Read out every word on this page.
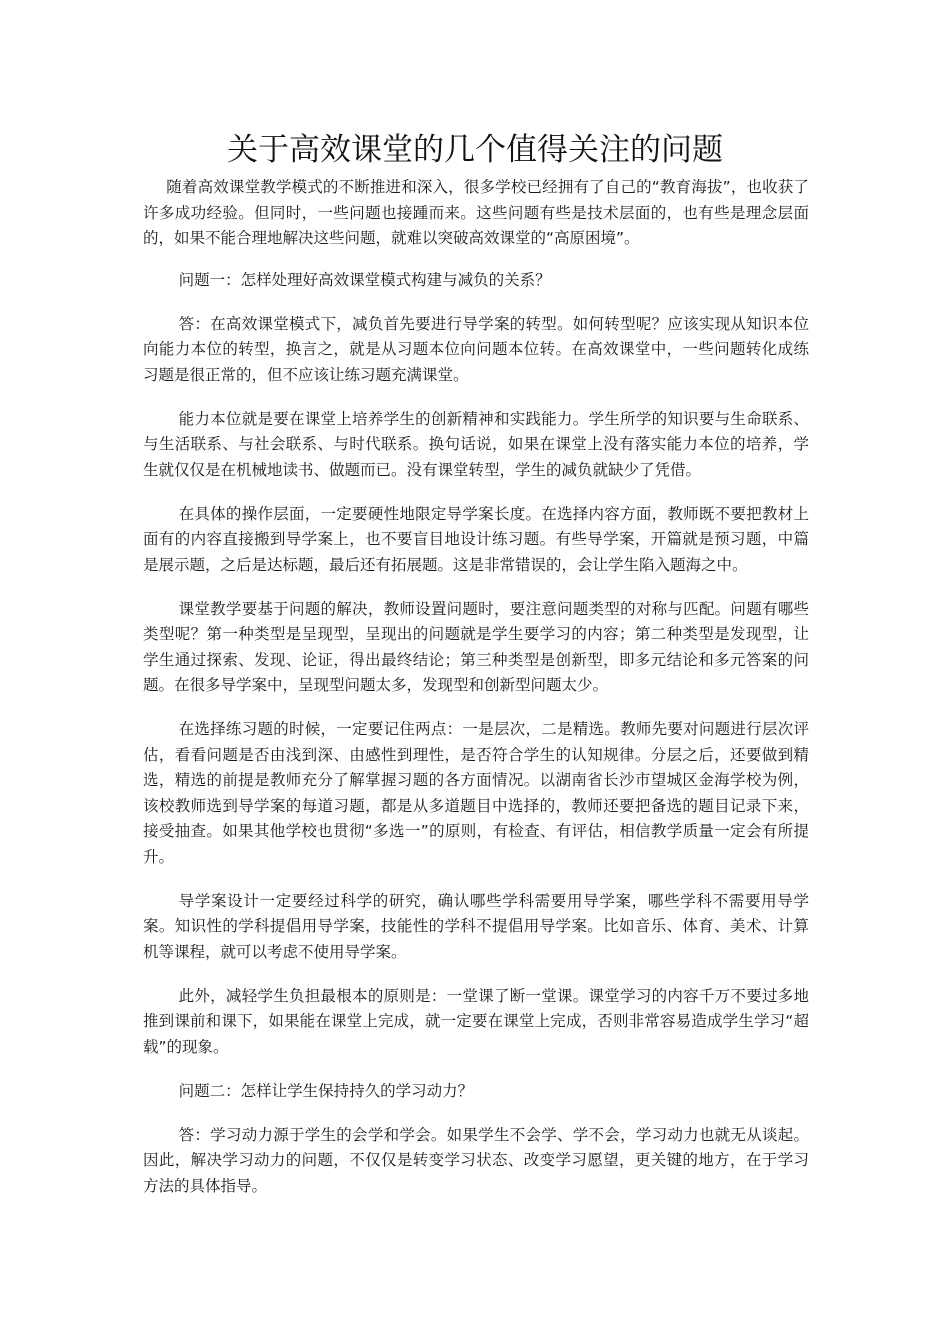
关于高效课堂的几个值得关注的问题

随着高效课堂教学模式的不断推进和深入，很多学校已经拥有了自己的“教育海拔”，也收获了许多成功经验。但同时，一些问题也接踵而来。这些问题有些是技术层面的，也有些是理念层面的，如果不能合理地解决这些问题，就难以突破高效课堂的“高原困境”。

问题一：怎样处理好高效课堂模式构建与减负的关系？

答：在高效课堂模式下，减负首先要进行导学案的转型。如何转型呢？应该实现从知识本位向能力本位的转型，换言之，就是从习题本位向问题本位转。在高效课堂中，一些问题转化成练习题是很正常的，但不应该让练习题充满课堂。

能力本位就是要在课堂上培养学生的创新精神和实践能力。学生所学的知识要与生命联系、与生活联系、与社会联系、与时代联系。换句话说，如果在课堂上没有落实能力本位的培养，学生就仅仅是在机械地读书、做题而已。没有课堂转型，学生的减负就缺少了凭借。

在具体的操作层面，一定要硬性地限定导学案长度。在选择内容方面，教师既不要把教材上面有的内容直接搬到导学案上，也不要盲目地设计练习题。有些导学案，开篇就是预习题，中篇是展示题，之后是达标题，最后还有拓展题。这是非常错误的，会让学生陷入题海之中。

课堂教学要基于问题的解决，教师设置问题时，要注意问题类型的对称与匹配。问题有哪些类型呢？第一种类型是呈现型，呈现出的问题就是学生要学习的内容；第二种类型是发现型，让学生通过探索、发现、论证，得出最终结论；第三种类型是创新型，即多元结论和多元答案的问题。在很多导学案中，呈现型问题太多，发现型和创新型问题太少。

在选择练习题的时候，一定要记住两点：一是层次，二是精选。教师先要对问题进行层次评估，看看问题是否由浅到深、由感性到理性，是否符合学生的认知规律。分层之后，还要做到精选，精选的前提是教师充分了解掌握习题的各方面情况。以湖南省长沙市望城区金海学校为例，该校教师选到导学案的每道习题，都是从多道题目中选择的，教师还要把备选的题目记录下来，接受抽查。如果其他学校也贯彻“多选一”的原则，有检查、有评估，相信教学质量一定会有所提升。

导学案设计一定要经过科学的研究，确认哪些学科需要用导学案，哪些学科不需要用导学案。知识性的学科提倡用导学案，技能性的学科不提倡用导学案。比如音乐、体育、美术、计算机等课程，就可以考虑不使用导学案。

此外，减轻学生负担最根本的原则是：一堂课了断一堂课。课堂学习的内容千万不要过多地推到课前和课下，如果能在课堂上完成，就一定要在课堂上完成，否则非常容易造成学生学习“超载”的现象。

问题二：怎样让学生保持持久的学习动力？

答：学习动力源于学生的会学和学会。如果学生不会学、学不会，学习动力也就无从谈起。因此，解决学习动力的问题，不仅仅是转变学习状态、改变学习愿望，更关键的地方，在于学习方法的具体指导。
